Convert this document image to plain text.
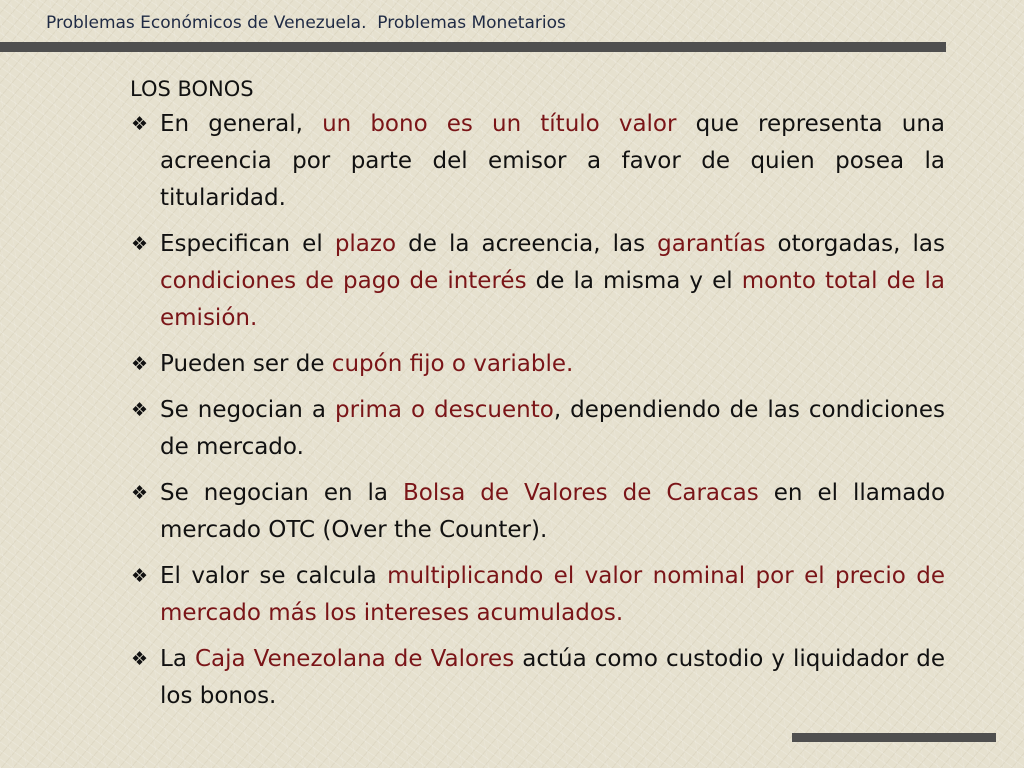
Problemas Económicos de Venezuela.  Problemas Monetarios
LOS BONOS
❖ En general, un bono es un título valor que representa una acreencia por parte del emisor a favor de quien posea la titularidad.
❖ Especifican el plazo de la acreencia, las garantías otorgadas, las condiciones de pago de interés de la misma y el monto total de la emisión.
❖ Pueden ser de cupón fijo o variable.
❖ Se negocian a prima o descuento, dependiendo de las condiciones de mercado.
❖ Se negocian en la Bolsa de Valores de Caracas en el llamado mercado OTC (Over the Counter).
❖ El valor se calcula multiplicando el valor nominal por el precio de mercado más los intereses acumulados.
❖ La Caja Venezolana de Valores actúa como custodio y liquidador de los bonos.
